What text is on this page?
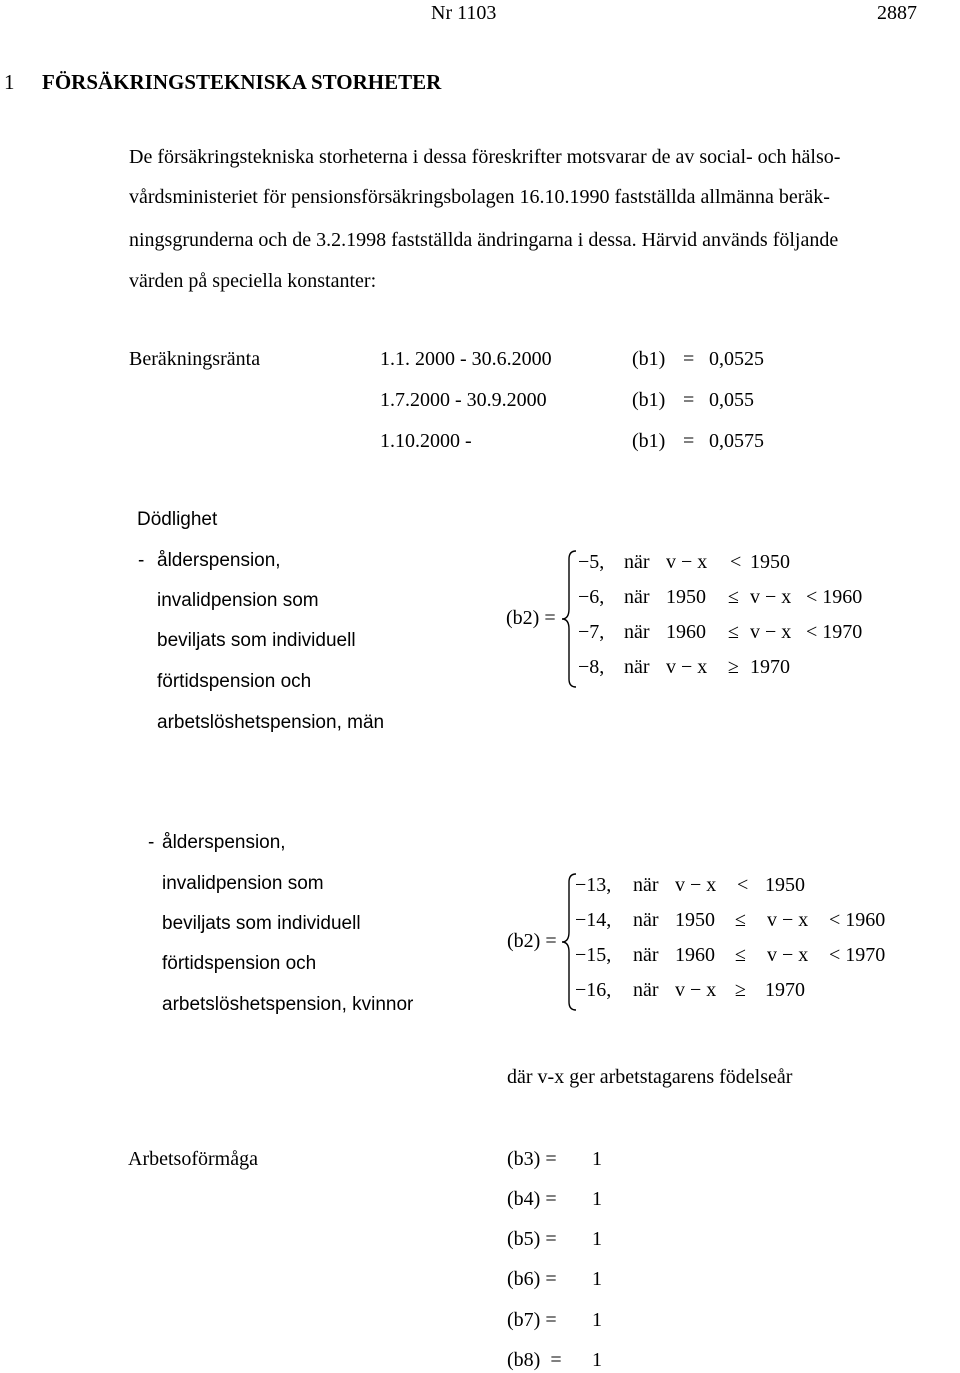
Nr 1103	2887
1 FÖRSÄKRINGSTEKNISKA STORHETER
De försäkringstekniska storheterna i dessa föreskrifter motsvarar de av social- och hälso-
vårdsministeriet för pensionsförsäkringsbolagen 16.10.1990 fastställda allmänna beräk-
ningsgrunderna och de 3.2.1998 fastställda ändringarna i dessa. Härvid används följande
värden på speciella konstanter:
Beräkningsränta	1.1. 2000 - 30.6.2000	(b1) = 0,0525
1.7.2000 - 30.9.2000	(b1) = 0,055
1.10.2000 -	(b1) = 0,0575
Dödlighet
- ålderspension,
invalidpension som
beviljats som individuell
förtidspension och
arbetslöshetspension, män
(b2) =
−5, när v − x < 1950
−6, när 1950 ≤ v − x < 1960
−7, när 1960 ≤ v − x < 1970
−8, när v − x ≥ 1970
- ålderspension,
invalidpension som
beviljats som individuell
förtidspension och
arbetslöshetspension, kvinnor
(b2) =
−13, när v − x < 1950
−14, när 1950 ≤ v − x < 1960
−15, när 1960 ≤ v − x < 1970
−16, när v − x ≥ 1970
där v-x ger arbetstagarens födelseår
Arbetsoförmåga	(b3) = 1
(b4) = 1
(b5) = 1
(b6) = 1
(b7) = 1
(b8)  = 1
